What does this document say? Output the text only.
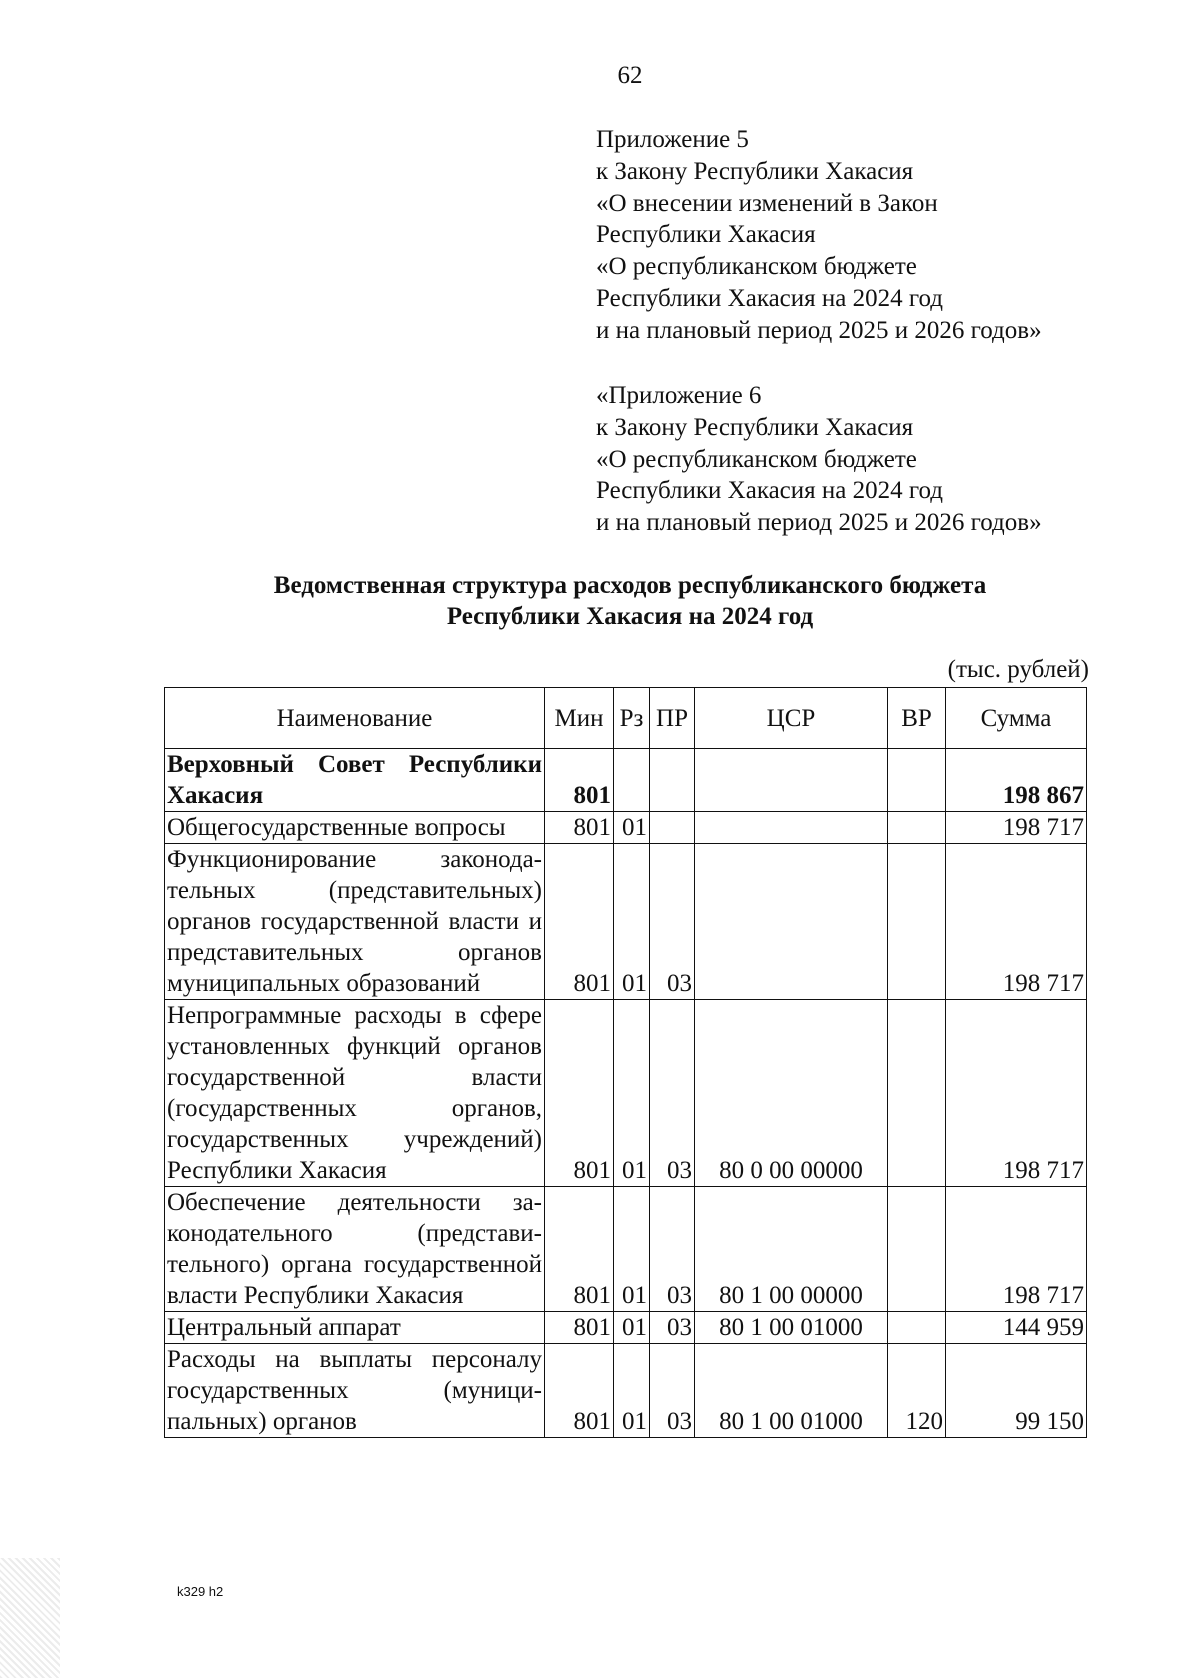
62
Приложение 5
к Закону Республики Хакасия
«О внесении изменений в Закон
Республики Хакасия
«О республиканском бюджете
Республики Хакасия на 2024 год
и на плановый период 2025 и 2026 годов»
«Приложение 6
к Закону Республики Хакасия
«О республиканском бюджете
Республики Хакасия на 2024 год
и на плановый период 2025 и 2026 годов»
Ведомственная структура расходов республиканского бюджета
Республики Хакасия на 2024 год
(тыс. рублей)
Наименование	Мин	Рз	ПР	ЦСР	ВР	Сумма
Верховный Совет Республики Хакасия	801					198 867
Общегосударственные вопросы	801	01				198 717
Функционирование законодательных (представительных) органов государственной власти и представительных органов муниципальных образований	801	01	03			198 717
Непрограммные расходы в сфере установленных функций органов государственной власти (государственных органов, государственных учреждений) Республики Хакасия	801	01	03	80 0 00 00000		198 717
Обеспечение деятельности законодательного (представительного) органа государственной власти Республики Хакасия	801	01	03	80 1 00 00000		198 717
Центральный аппарат	801	01	03	80 1 00 01000		144 959
Расходы на выплаты персоналу государственных (муниципальных) органов	801	01	03	80 1 00 01000	120	99 150
k329 h2
